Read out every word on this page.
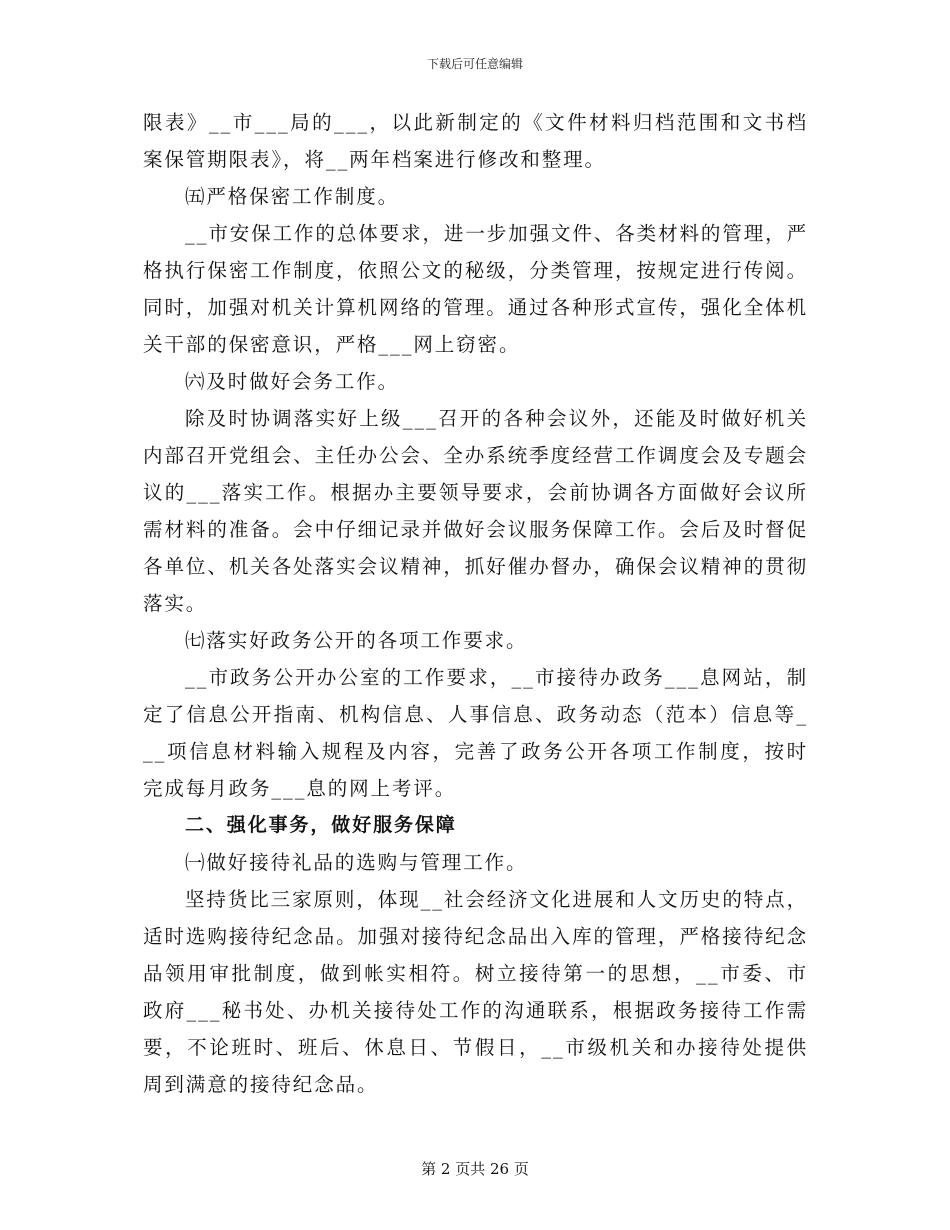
下载后可任意编辑

限表》__市___局的___，以此新制定的《文件材料归档范围和文书档案保管期限表》，将__两年档案进行修改和整理。

㈤严格保密工作制度。

__市安保工作的总体要求，进一步加强文件、各类材料的管理，严格执行保密工作制度，依照公文的秘级，分类管理，按规定进行传阅。同时，加强对机关计算机网络的管理。通过各种形式宣传，强化全体机关干部的保密意识，严格___网上窃密。

㈥及时做好会务工作。

除及时协调落实好上级___召开的各种会议外，还能及时做好机关内部召开党组会、主任办公会、全办系统季度经营工作调度会及专题会议的___落实工作。根据办主要领导要求，会前协调各方面做好会议所需材料的准备。会中仔细记录并做好会议服务保障工作。会后及时督促各单位、机关各处落实会议精神，抓好催办督办，确保会议精神的贯彻落实。

㈦落实好政务公开的各项工作要求。

__市政务公开办公室的工作要求，__市接待办政务___息网站，制定了信息公开指南、机构信息、人事信息、政务动态（范本）信息等___项信息材料输入规程及内容，完善了政务公开各项工作制度，按时完成每月政务___息的网上考评。

二、强化事务，做好服务保障

㈠做好接待礼品的选购与管理工作。

坚持货比三家原则，体现__社会经济文化进展和人文历史的特点，适时选购接待纪念品。加强对接待纪念品出入库的管理，严格接待纪念品领用审批制度，做到帐实相符。树立接待第一的思想，__市委、市政府___秘书处、办机关接待处工作的沟通联系，根据政务接待工作需要，不论班时、班后、休息日、节假日，__市级机关和办接待处提供周到满意的接待纪念品。

第 2 页共 26 页
